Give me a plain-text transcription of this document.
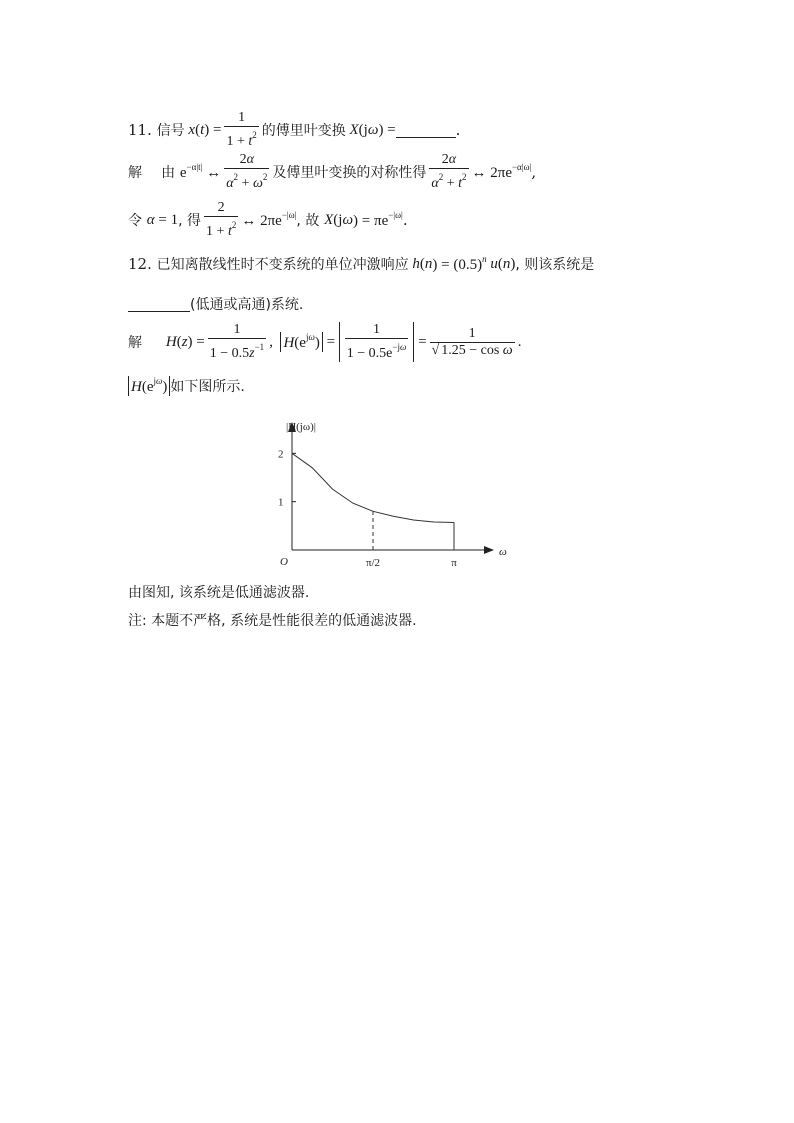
11.
信号 x ( t ) = $\frac{1}{1 + t^2}$ 的傅里叶变换 X (j ω ) =	.
解
由
$e^{-\alpha|t|}$ ↔ $\frac{2\alpha}{\alpha^2 + \omega^2}$ 及傅里叶变换的对称性得 $\frac{2\alpha}{\alpha^2 + t^2}$ ↔ $2\pi e^{-\alpha|\omega|}$ ,
令
α = 1 , 得 $\frac{2}{1 + t^2}$ ↔ $2\pi e^{-|\omega|}$ , 故
X (j ω ) = $\pi e^{-|\omega|}$ .
12.
已知离散线性时不变系统的单位冲激响应 h ( n ) = $(0.5)^n$ u ( n ) , 则该系统是
(低通或高通)系统.
解
H ( z ) = $\frac{1}{1 - 0.5z^{-1}}$ , $H(e^{j\omega}) = \frac{1}{1 - 0.5e^{-j\omega}} = \frac{1}{\text{√ 1.25 − cos ω}}$ .
$H(e^{j\omega})$ 如下图所示.
|H(jω)|
ω
O
1
2
π/2	π
由图知, 该系统是低通滤波器.
注: 本题不严格, 系统是性能很差的低通滤波器.
